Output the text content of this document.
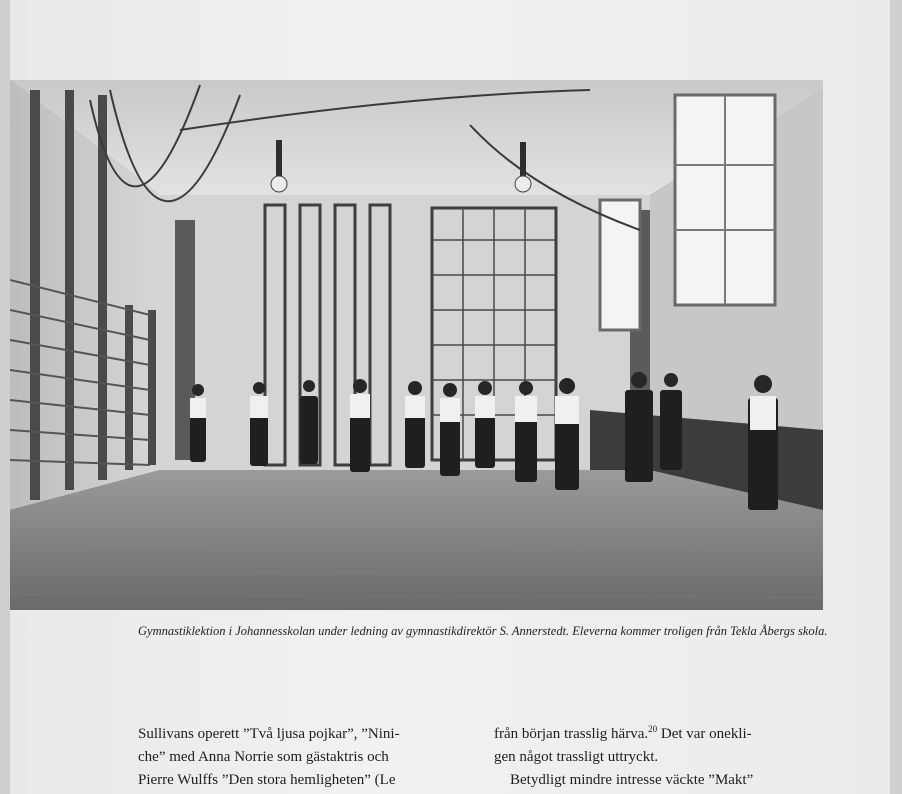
Gymnastiklektion i Johannesskolan under ledning av gymnastikdirektör S. Annerstedt. Eleverna kommer troligen från Tekla Åbergs skola.

Sullivans operett ”Två ljusa pojkar”, ”Nini-

che” med Anna Norrie som gästaktris och

Pierre Wulffs ”Den stora hemligheten” (Le

från början trasslig härva.$^{20}$ Det var onekli-

gen något trassligt uttryckt.

Betydligt mindre intresse väckte ”Makt”
